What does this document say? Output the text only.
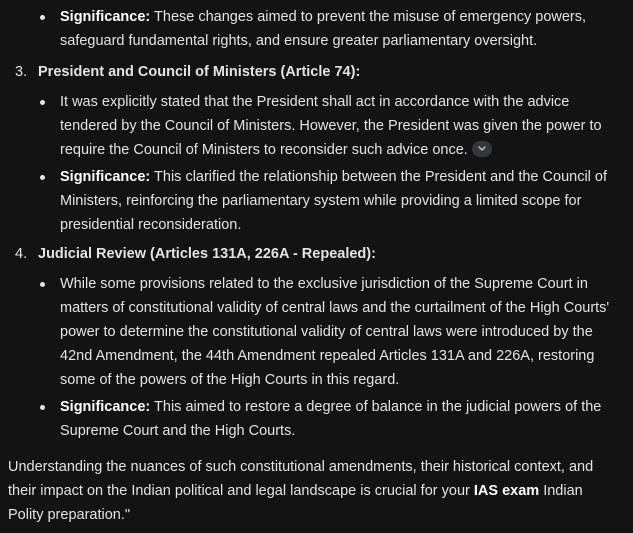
Significance: These changes aimed to prevent the misuse of emergency powers, safeguard fundamental rights, and ensure greater parliamentary oversight.
3. President and Council of Ministers (Article 74):
It was explicitly stated that the President shall act in accordance with the advice tendered by the Council of Ministers. However, the President was given the power to require the Council of Ministers to reconsider such advice once.
Significance: This clarified the relationship between the President and the Council of Ministers, reinforcing the parliamentary system while providing a limited scope for presidential reconsideration.
4. Judicial Review (Articles 131A, 226A - Repealed):
While some provisions related to the exclusive jurisdiction of the Supreme Court in matters of constitutional validity of central laws and the curtailment of the High Courts' power to determine the constitutional validity of central laws were introduced by the 42nd Amendment, the 44th Amendment repealed Articles 131A and 226A, restoring some of the powers of the High Courts in this regard.
Significance: This aimed to restore a degree of balance in the judicial powers of the Supreme Court and the High Courts.
Understanding the nuances of such constitutional amendments, their historical context, and their impact on the Indian political and legal landscape is crucial for your IAS exam Indian Polity preparation."
